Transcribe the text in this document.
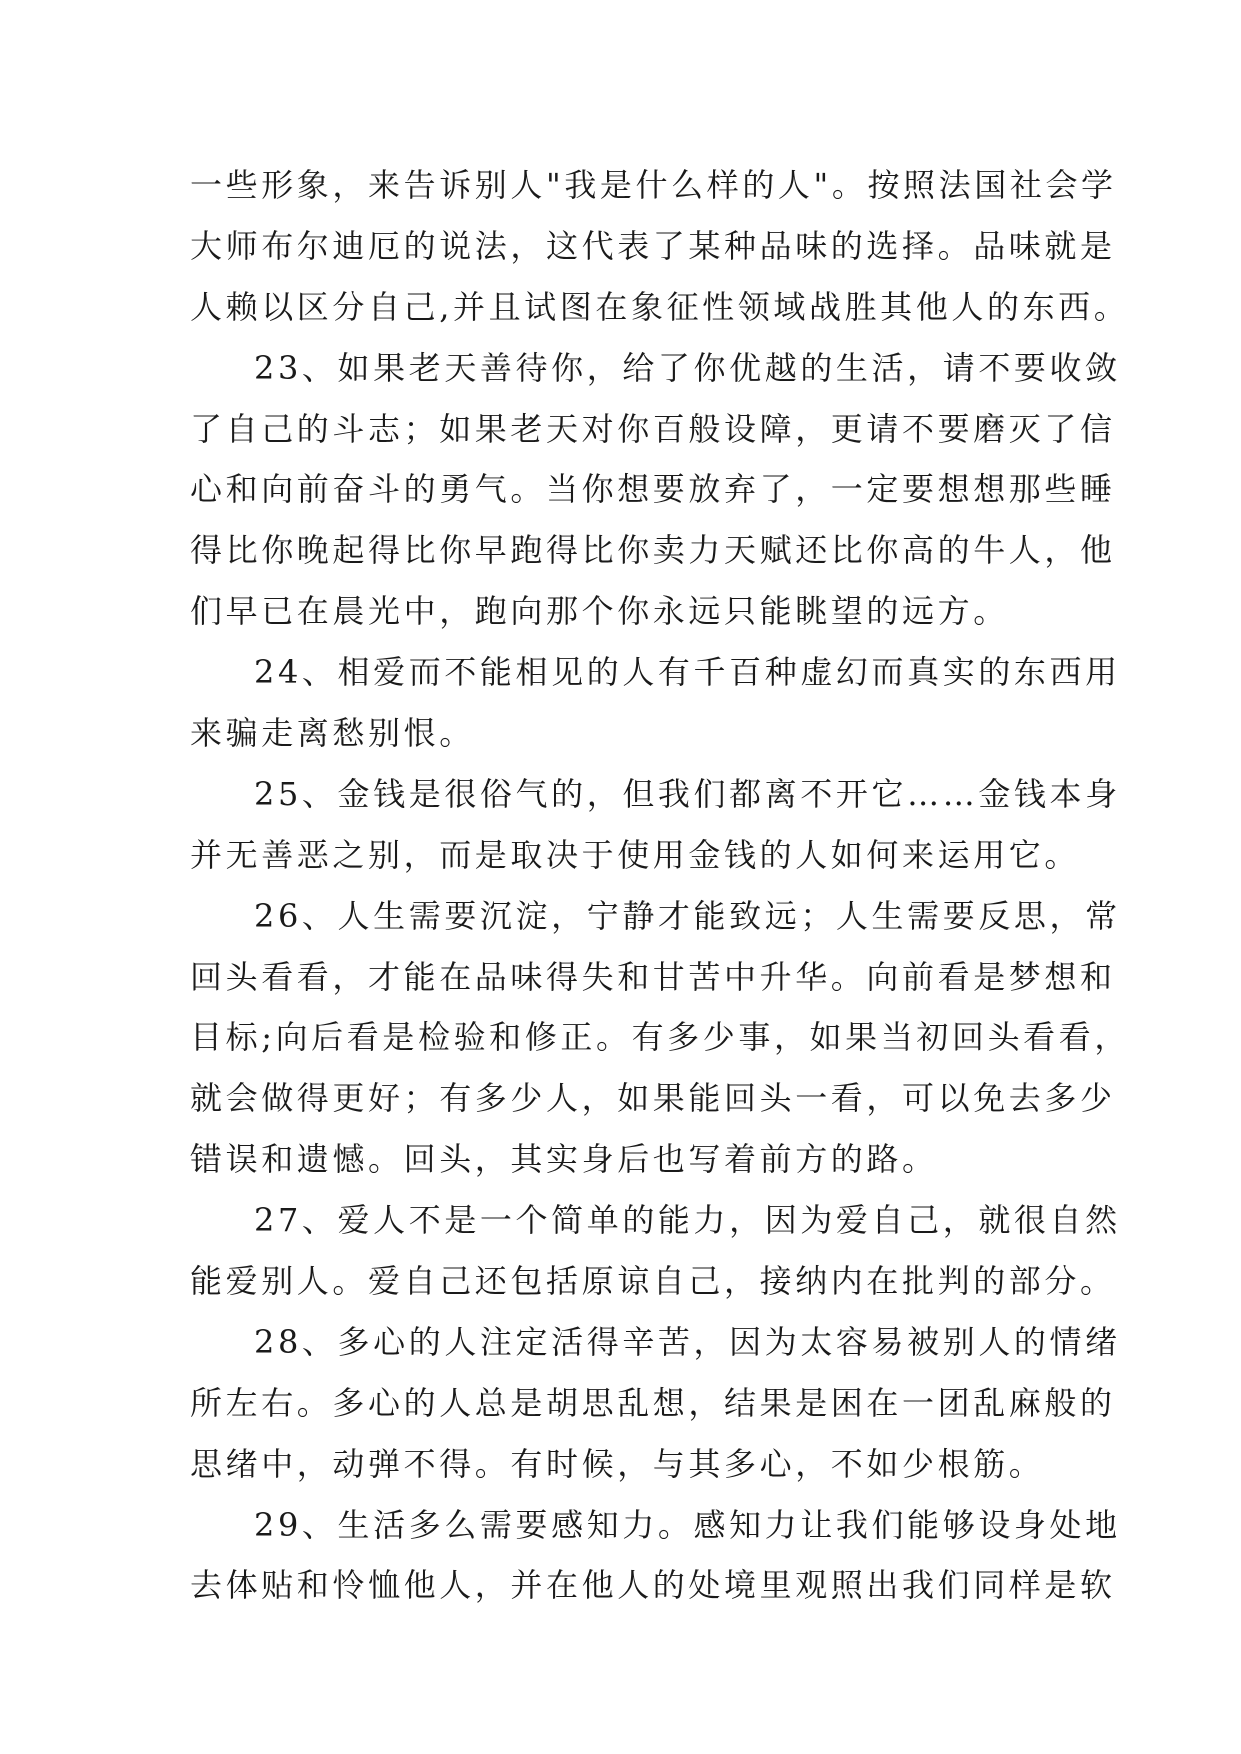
一些形象，来告诉别人"我是什么样的人"。按照法国社会学
大师布尔迪厄的说法，这代表了某种品味的选择。品味就是
人赖以区分自己,并且试图在象征性领域战胜其他人的东西。
23、如果老天善待你，给了你优越的生活，请不要收敛
了自己的斗志；如果老天对你百般设障，更请不要磨灭了信
心和向前奋斗的勇气。当你想要放弃了，一定要想想那些睡
得比你晚起得比你早跑得比你卖力天赋还比你高的牛人，他
们早已在晨光中，跑向那个你永远只能眺望的远方。
24、相爱而不能相见的人有千百种虚幻而真实的东西用
来骗走离愁别恨。
25、金钱是很俗气的，但我们都离不开它……金钱本身
并无善恶之别，而是取决于使用金钱的人如何来运用它。
26、人生需要沉淀，宁静才能致远；人生需要反思，常
回头看看，才能在品味得失和甘苦中升华。向前看是梦想和
目标;向后看是检验和修正。有多少事，如果当初回头看看，
就会做得更好；有多少人，如果能回头一看，可以免去多少
错误和遗憾。回头，其实身后也写着前方的路。
27、爱人不是一个简单的能力，因为爱自己，就很自然
能爱别人。爱自己还包括原谅自己，接纳内在批判的部分。
28、多心的人注定活得辛苦，因为太容易被别人的情绪
所左右。多心的人总是胡思乱想，结果是困在一团乱麻般的
思绪中，动弹不得。有时候，与其多心，不如少根筋。
29、生活多么需要感知力。感知力让我们能够设身处地
去体贴和怜恤他人，并在他人的处境里观照出我们同样是软
